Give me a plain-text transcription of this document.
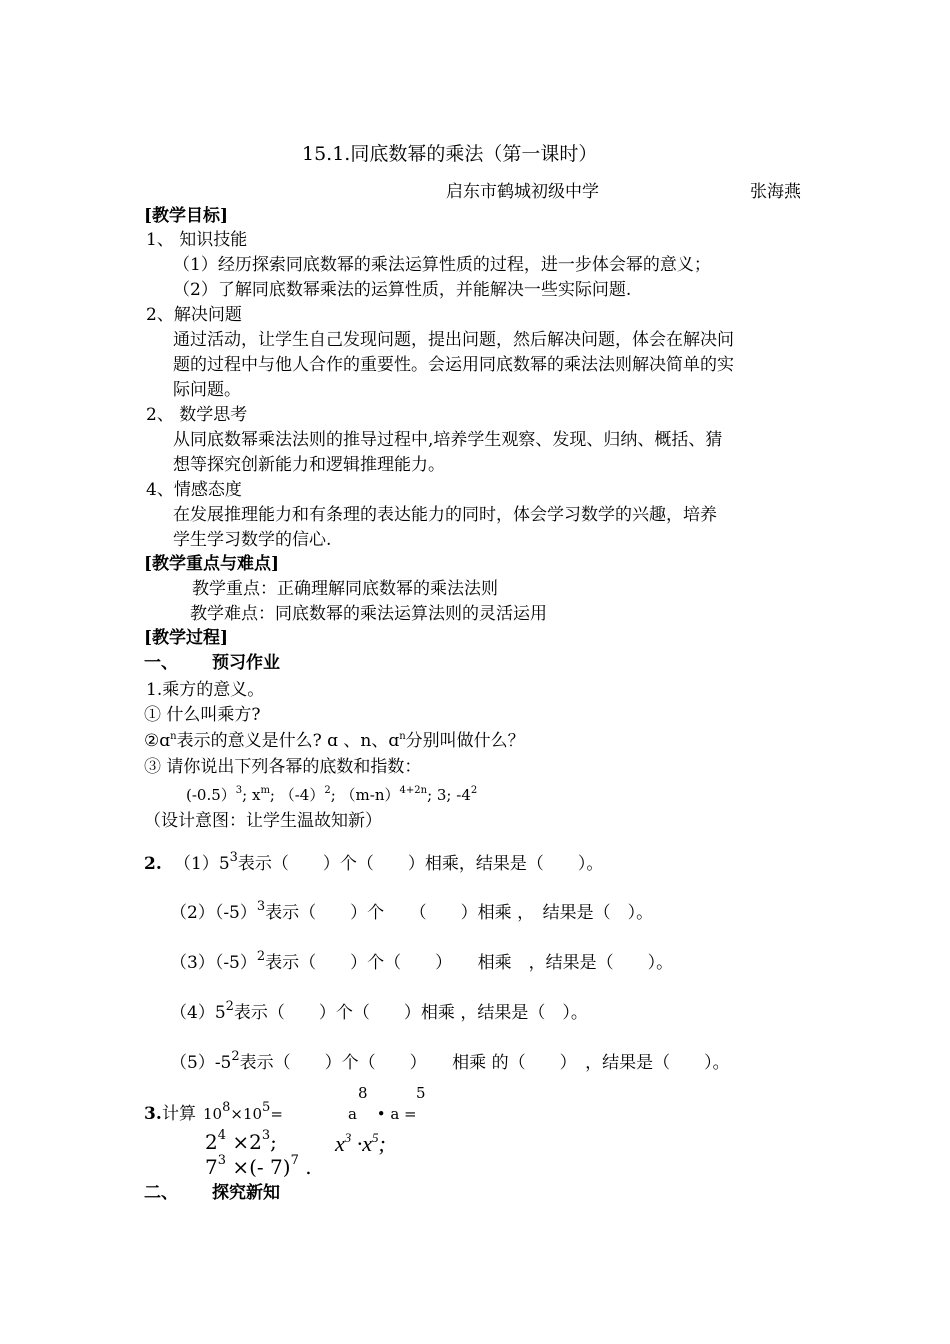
15.1.同底数幂的乘法（第一课时）
启东市鹤城初级中学	张海燕
[教学目标]
1、 知识技能
（1）经历探索同底数幂的乘法运算性质的过程，进一步体会幂的意义；
（2）了解同底数幂乘法的运算性质，并能解决一些实际问题.
2、解决问题
通过活动，让学生自己发现问题，提出问题，然后解决问题，体会在解决问
题的过程中与他人合作的重要性。会运用同底数幂的乘法法则解决简单的实
际问题。
2、 数学思考
从同底数幂乘法法则的推导过程中,培养学生观察、发现、归纳、概括、猜
想等探究创新能力和逻辑推理能力。
4、情感态度
在发展推理能力和有条理的表达能力的同时，体会学习数学的兴趣，培养
学生学习数学的信心.
[教学重点与难点]
教学重点：正确理解同底数幂的乘法法则
教学难点：同底数幂的乘法运算法则的灵活运用
[教学过程]
一、 预习作业
1.乘方的意义。
① 什么叫乘方?
②ɑ$^n$表示的意义是什么? ɑ 、n、ɑ$^n$分别叫做什么？
③ 请你说出下列各幂的底数和指数：
(-0.5）$^3$; $x^m$; $(-4)^2$; $(m-n)^{4+2n}$; 3; $-4^2$
（设计意图：让学生温故知新）
2. $(1)5^3$表示（　　）个（　　）相乘，结果是（　　）。
$(2)(-5)^3$表示（　　）个　　（　　）相乘 ，　结果是（　）。
$(3)(-5)^2$表示（　　）个（　　）　　相乘　，结果是（　　）。
$(4)5^2$表示（　　）个（　　）相乘 ，结果是（　）。
$(5)-5^2$表示（　　）个（　　）　　相乘 的（　　）　，结果是（　　）。
3. 计算 108×105=
8	5
a　 • a =
$2^4 \times 2^3$;	$x^3 \cdot x^5$;
$7^3$ ×(- 7)$^7$ .
二、 探究新知
